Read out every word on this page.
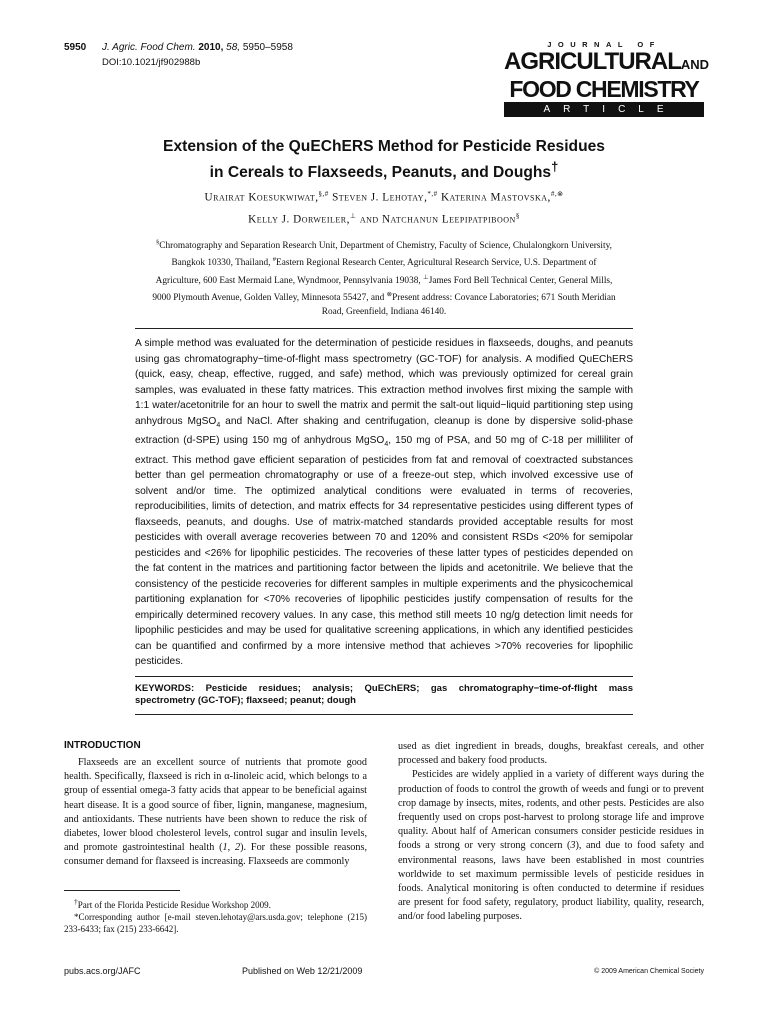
5950 J. Agric. Food Chem. 2010, 58, 5950–5958
DOI:10.1021/jf902988b
JOURNAL OF
AGRICULTURALAND
FOOD CHEMISTRY
ARTICLE
Extension of the QuEChERS Method for Pesticide Residues
in Cereals to Flaxseeds, Peanuts, and Doughs†
Urairat Koesukwiwat,§,# Steven J. Lehotay,*,# Katerina Mastovska,#,⊗
Kelly J. Dorweiler,⊥ and Natchanun Leepipatpiboon§
§Chromatography and Separation Research Unit, Department of Chemistry, Faculty of Science, Chulalongkorn University, Bangkok 10330, Thailand, #Eastern Regional Research Center, Agricultural Research Service, U.S. Department of Agriculture, 600 East Mermaid Lane, Wyndmoor, Pennsylvania 19038, ⊥James Ford Bell Technical Center, General Mills, 9000 Plymouth Avenue, Golden Valley, Minnesota 55427, and ⊗Present address: Covance Laboratories; 671 South Meridian Road, Greenfield, Indiana 46140.
A simple method was evaluated for the determination of pesticide residues in flaxseeds, doughs, and peanuts using gas chromatography−time-of-flight mass spectrometry (GC-TOF) for analysis. A modified QuEChERS (quick, easy, cheap, effective, rugged, and safe) method, which was previously optimized for cereal grain samples, was evaluated in these fatty matrices. This extraction method involves first mixing the sample with 1:1 water/acetonitrile for an hour to swell the matrix and permit the salt-out liquid−liquid partitioning step using anhydrous MgSO$_4$ and NaCl. After shaking and centrifugation, cleanup is done by dispersive solid-phase extraction (d-SPE) using 150 mg of anhydrous MgSO$_4$, 150 mg of PSA, and 50 mg of C-18 per milliliter of extract. This method gave efficient separation of pesticides from fat and removal of coextracted substances better than gel permeation chromatography or use of a freeze-out step, which involved excessive use of solvent and/or time. The optimized analytical conditions were evaluated in terms of recoveries, reproducibilities, limits of detection, and matrix effects for 34 representative pesticides using different types of flaxseeds, peanuts, and doughs. Use of matrix-matched standards provided acceptable results for most pesticides with overall average recoveries between 70 and 120% and consistent RSDs <20% for semipolar pesticides and <26% for lipophilic pesticides. The recoveries of these latter types of pesticides depended on the fat content in the matrices and partitioning factor between the lipids and acetonitrile. We believe that the consistency of the pesticide recoveries for different samples in multiple experiments and the physicochemical partitioning explanation for <70% recoveries of lipophilic pesticides justify compensation of results for the empirically determined recovery values. In any case, this method still meets 10 ng/g detection limit needs for lipophilic pesticides and may be used for qualitative screening applications, in which any identified pesticides can be quantified and confirmed by a more intensive method that achieves >70% recoveries for lipophilic pesticides.
KEYWORDS: Pesticide residues; analysis; QuEChERS; gas chromatography−time-of-flight mass spectrometry (GC-TOF); flaxseed; peanut; dough
INTRODUCTION

Flaxseeds are an excellent source of nutrients that promote good health. Specifically, flaxseed is rich in α-linoleic acid, which belongs to a group of essential omega-3 fatty acids that appear to be beneficial against heart disease. It is a good source of fiber, lignin, manganese, magnesium, and antioxidants. These nutrients have been shown to reduce the risk of diabetes, lower blood cholesterol levels, control sugar and insulin levels, and promote gastrointestinal health (1, 2). For these possible reasons, consumer demand for flaxseed is increasing. Flaxseeds are commonly

†Part of the Florida Pesticide Residue Workshop 2009.
*Corresponding author [e-mail steven.lehotay@ars.usda.gov; telephone (215) 233-6433; fax (215) 233-6642].

used as diet ingredient in breads, doughs, breakfast cereals, and other processed and bakery food products.

Pesticides are widely applied in a variety of different ways during the production of foods to control the growth of weeds and fungi or to prevent crop damage by insects, mites, rodents, and other pests. Pesticides are also frequently used on crops post-harvest to prolong storage life and improve quality. About half of American consumers consider pesticide residues in foods a strong or very strong concern (3), and due to food safety and environmental reasons, laws have been established in most countries worldwide to set maximum permissible levels of pesticide residues in foods. Analytical monitoring is often conducted to determine if residues are present for food safety, regulatory, product liability, quality, research, and/or food labeling purposes.

pubs.acs.org/JAFC	Published on Web 12/21/2009	© 2009 American Chemical Society
